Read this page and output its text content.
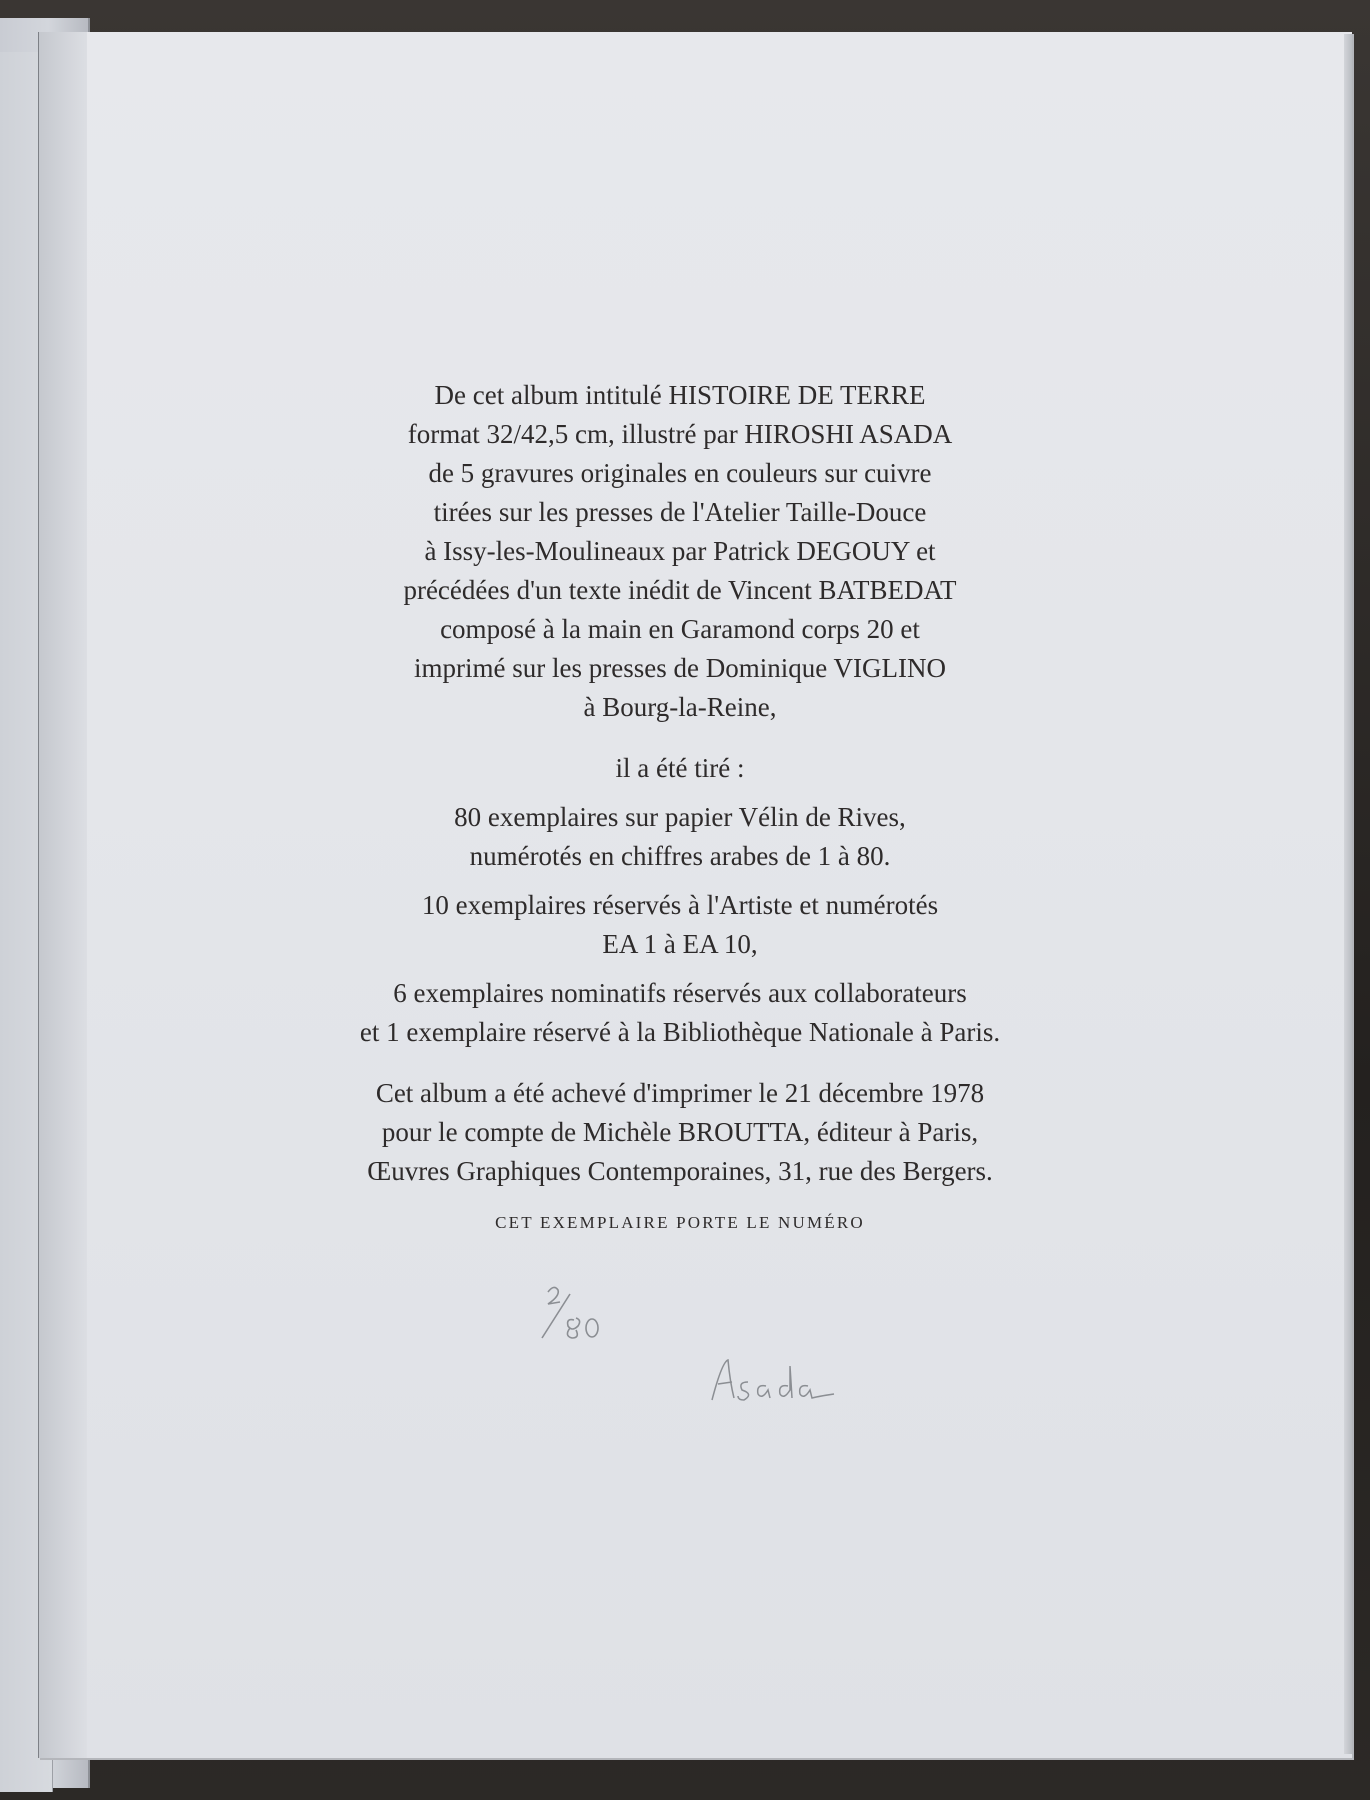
De cet album intitulé HISTOIRE DE TERRE
format 32/42,5 cm, illustré par HIROSHI ASADA
de 5 gravures originales en couleurs sur cuivre
tirées sur les presses de l'Atelier Taille-Douce
à Issy-les-Moulineaux par Patrick DEGOUY et
précédées d'un texte inédit de Vincent BATBEDAT
composé à la main en Garamond corps 20 et
imprimé sur les presses de Dominique VIGLINO
à Bourg-la-Reine,
il a été tiré :
80 exemplaires sur papier Vélin de Rives,
numérotés en chiffres arabes de 1 à 80.
10 exemplaires réservés à l'Artiste et numérotés
EA 1 à EA 10,
6 exemplaires nominatifs réservés aux collaborateurs
et 1 exemplaire réservé à la Bibliothèque Nationale à Paris.
Cet album a été achevé d'imprimer le 21 décembre 1978
pour le compte de Michèle BROUTTA, éditeur à Paris,
Œuvres Graphiques Contemporaines, 31, rue des Bergers.
CET EXEMPLAIRE PORTE LE NUMÉRO
